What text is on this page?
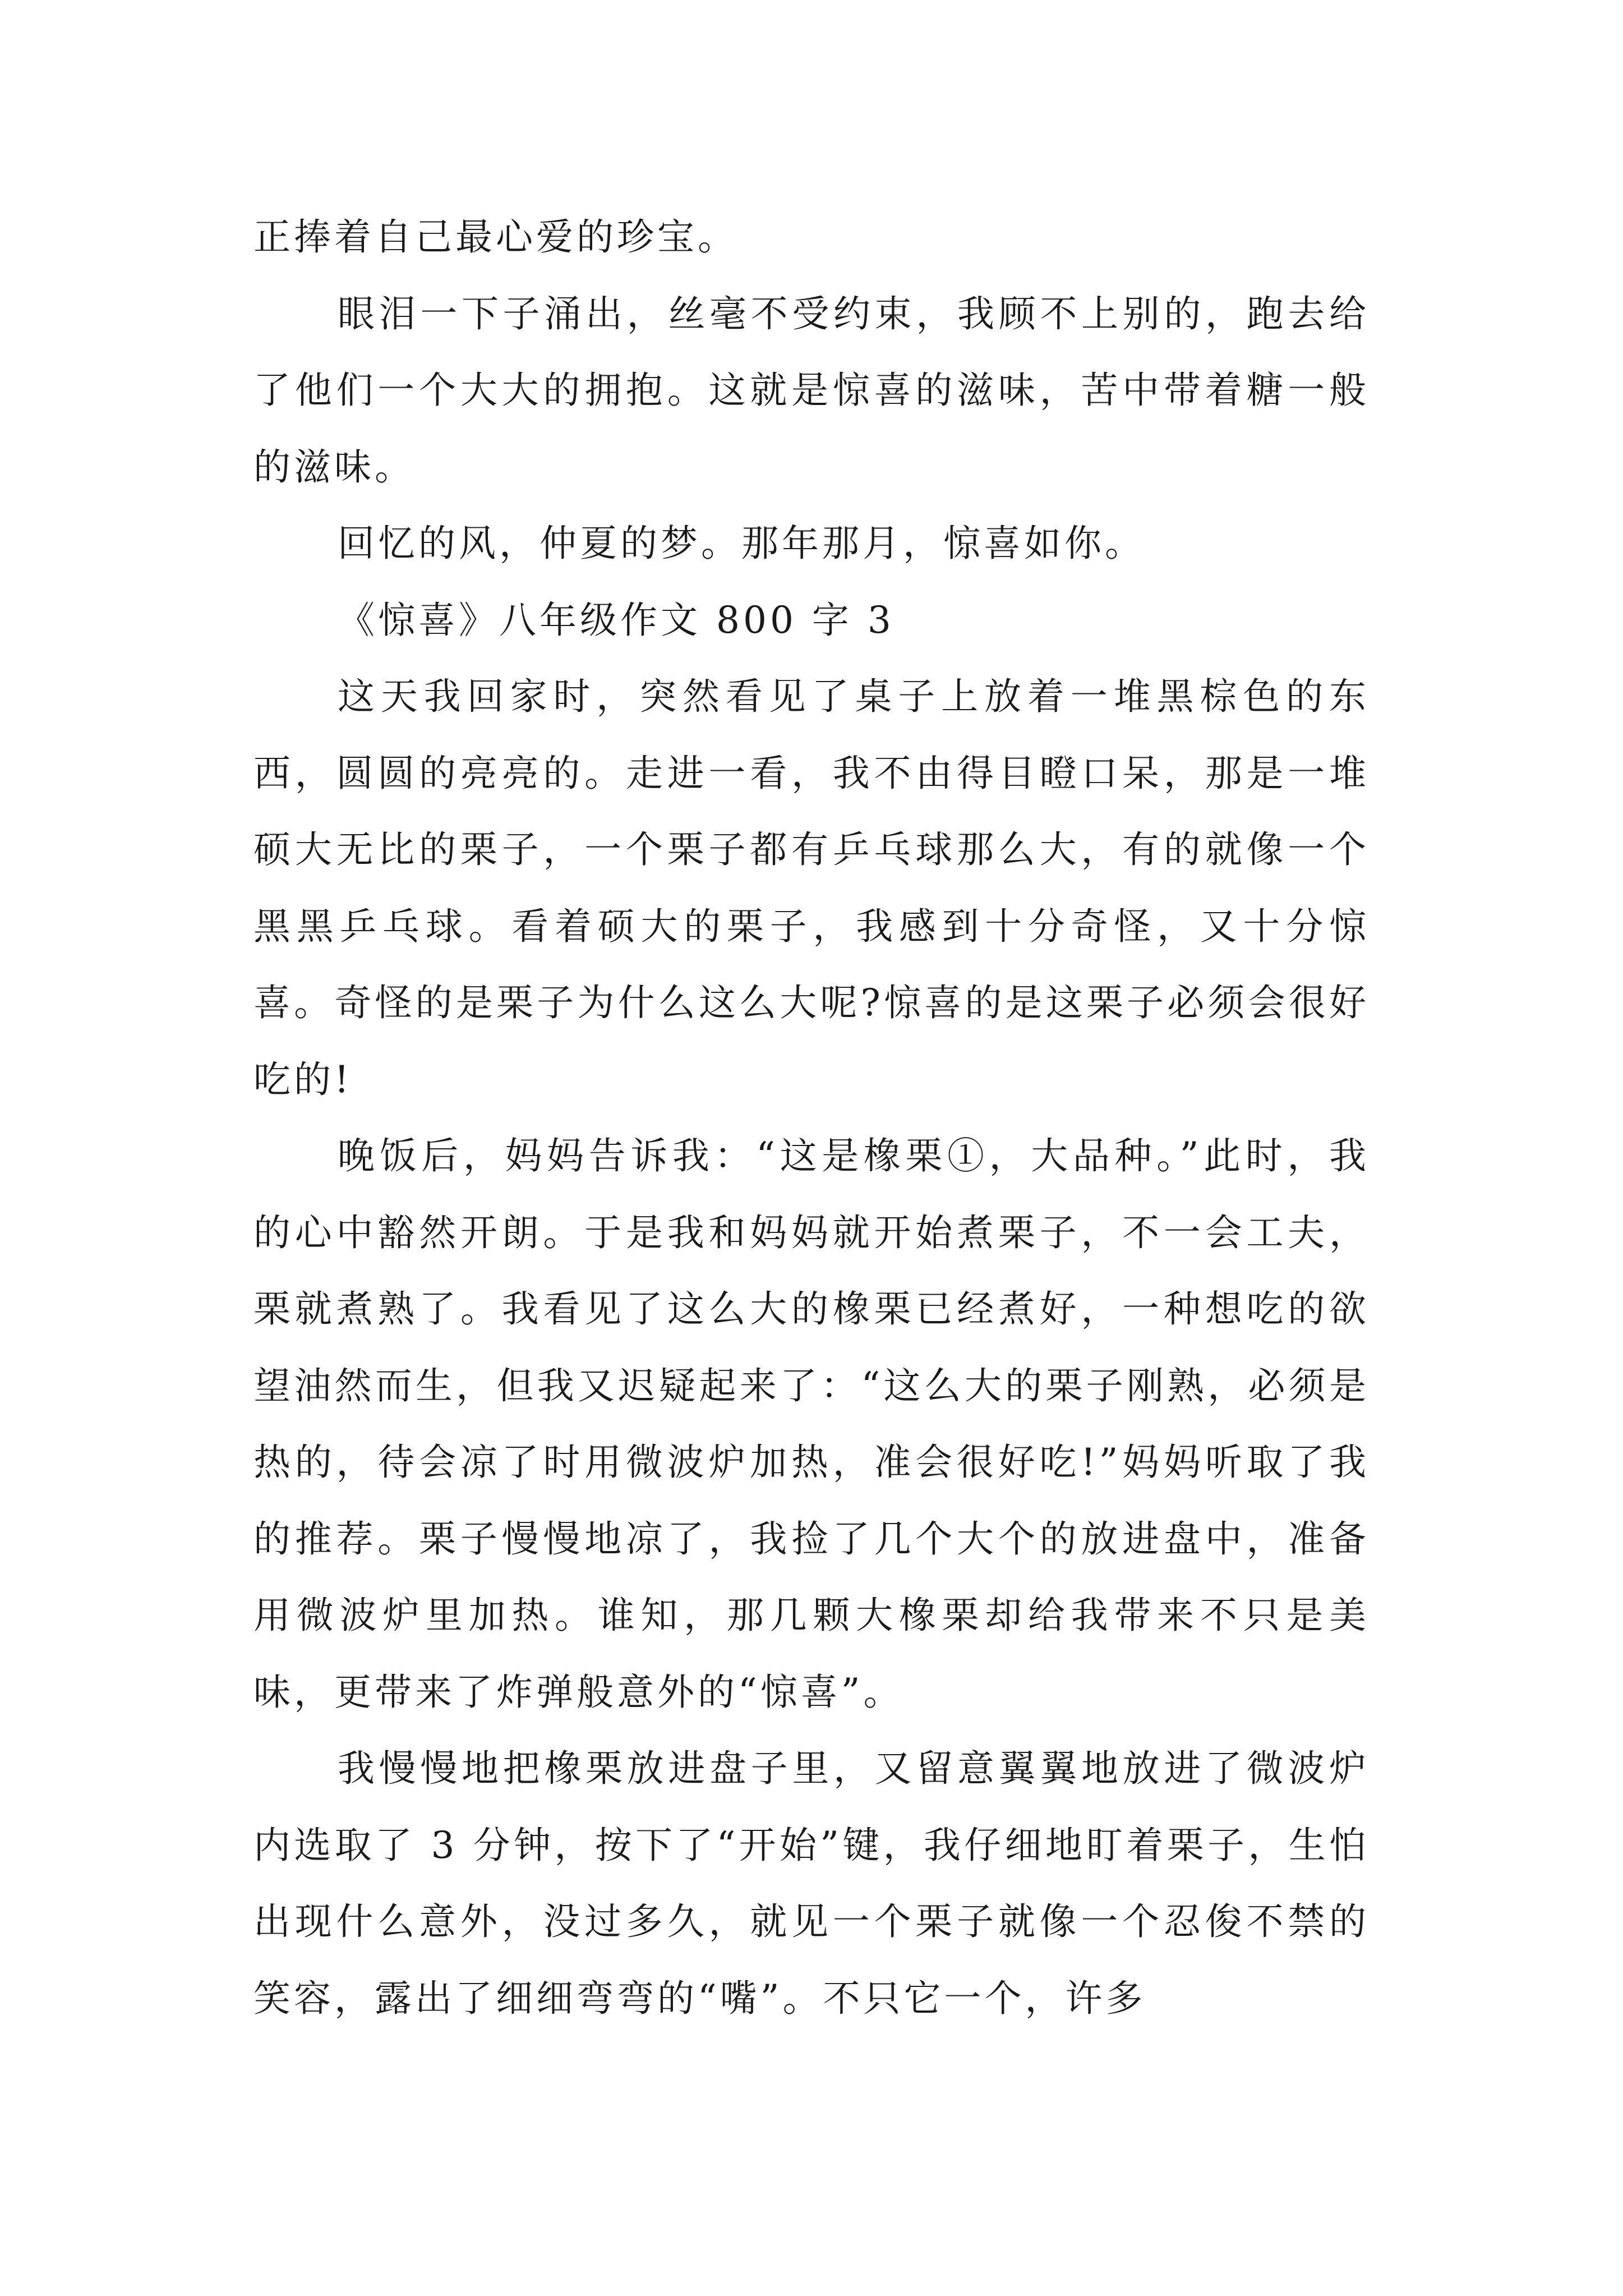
正捧着自己最心爱的珍宝。

眼泪一下子涌出，丝毫不受约束，我顾不上别的，跑去给了他们一个大大的拥抱。这就是惊喜的滋味，苦中带着糖一般的滋味。

回忆的风，仲夏的梦。那年那月，惊喜如你。

《惊喜》八年级作文 800 字 3

这天我回家时，突然看见了桌子上放着一堆黑棕色的东西，圆圆的亮亮的。走进一看，我不由得目瞪口呆，那是一堆硕大无比的栗子，一个栗子都有乒乓球那么大，有的就像一个黑黑乒乓球。看着硕大的栗子，我感到十分奇怪，又十分惊喜。奇怪的是栗子为什么这么大呢?惊喜的是这栗子必须会很好吃的!

晚饭后，妈妈告诉我：“这是橡栗①，大品种。”此时，我的心中豁然开朗。于是我和妈妈就开始煮栗子，不一会工夫，栗就煮熟了。我看见了这么大的橡栗已经煮好，一种想吃的欲望油然而生，但我又迟疑起来了：“这么大的栗子刚熟，必须是热的，待会凉了时用微波炉加热，准会很好吃!”妈妈听取了我的推荐。栗子慢慢地凉了，我捡了几个大个的放进盘中，准备用微波炉里加热。谁知，那几颗大橡栗却给我带来不只是美味，更带来了炸弹般意外的“惊喜”。

我慢慢地把橡栗放进盘子里，又留意翼翼地放进了微波炉内选取了 3 分钟，按下了“开始”键，我仔细地盯着栗子，生怕出现什么意外，没过多久，就见一个栗子就像一个忍俊不禁的笑容，露出了细细弯弯的“嘴”。不只它一个，许多
